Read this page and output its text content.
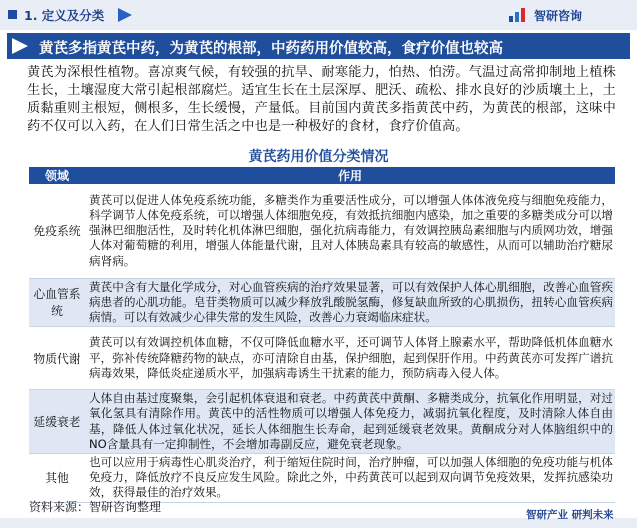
1. 定义及分类	智研咨询
黄芪多指黄芪中药，为黄芪的根部，中药药用价值较高，食疗价值也较高
黄芪为深根性植物。喜凉爽气候，有较强的抗旱、耐寒能力，怕热、怕涝。气温过高常抑制地上植株生长，土壤湿度大常引起根部腐烂。适宜生长在土层深厚、肥沃、疏松、排水良好的沙质壤土上，土质黏重则主根短，侧根多，生长缓慢，产量低。目前国内黄芪多指黄芪中药，为黄芪的根部，这味中药不仅可以入药，在人们日常生活之中也是一种极好的食材，食疗价值高。
黄芪药用价值分类情况
领域	作用
免疫系统	黄芪可以促进人体免疫系统功能，多糖类作为重要活性成分，可以增强人体体液免疫与细胞免疫能力，科学调节人体免疫系统，可以增强人体细胞免疫，有效抵抗细胞内感染，加之重要的多糖类成分可以增强淋巴细胞活性，及时转化机体淋巴细胞，强化抗病毒能力，有效调控胰岛素细胞与内质网功效，增强人体对葡萄糖的利用，增强人体能量代谢，且对人体胰岛素具有较高的敏感性，从而可以辅助治疗糖尿病肾病。
心血管系统	黄芪中含有大量化学成分，对心血管疾病的治疗效果显著，可以有效保护人体心肌细胞，改善心血管疾病患者的心肌功能。皂苷类物质可以减少释放乳酸脱氢酶，修复缺血所致的心肌损伤，扭转心血管疾病病情。可以有效减少心律失常的发生风险，改善心力衰竭临床症状。
物质代谢	黄芪可以有效调控机体血糖，不仅可降低血糖水平，还可调节人体肾上腺素水平，帮助降低机体血糖水平，弥补传统降糖药物的缺点，亦可清除自由基，保护细胞，起到保肝作用。中药黄芪亦可发挥广谱抗病毒效果，降低炎症递质水平，加强病毒诱生干扰素的能力，预防病毒入侵人体。
延缓衰老	人体自由基过度聚集，会引起机体衰退和衰老。中药黄芪中黄酮、多糖类成分，抗氧化作用明显，对过氧化氢具有清除作用。黄芪中的活性物质可以增强人体免疫力，减弱抗氧化程度，及时清除人体自由基，降低人体过氧化状况，延长人体细胞生长寿命，起到延缓衰老效果。黄酮成分对人体脑组织中的 NO含量具有一定抑制性，不会增加毒副反应，避免衰老现象。
其他	也可以应用于病毒性心肌炎治疗，利于缩短住院时间，治疗肿瘤，可以加强人体细胞的免疫功能与机体免疫力，降低放疗不良反应发生风险。除此之外，中药黄芪可以起到双向调节免疫效果，发挥抗感染功效，获得最佳的治疗效果。
资料来源：智研咨询整理
智研产业 研判未来
